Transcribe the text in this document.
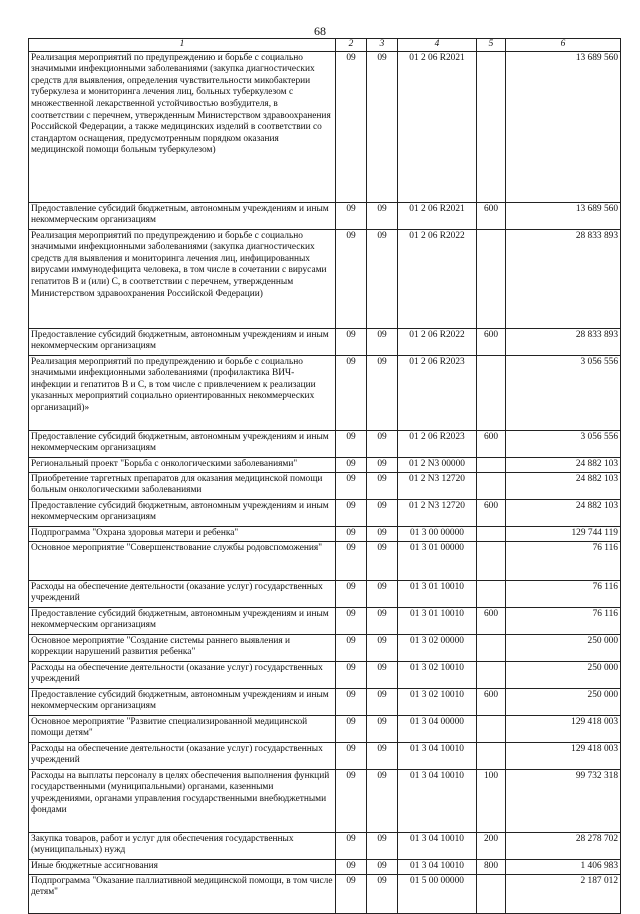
68
1	2	3	4	5	6
Реализация мероприятий по предупреждению и борьбе с социально значимыми инфекционными заболеваниями (закупка диагностических средств для выявления, определения чувствительности микобактерии туберкулеза и мониторинга лечения лиц, больных туберкулезом с множественной лекарственной устойчивостью возбудителя, в соответствии с перечнем, утвержденным Министерством здравоохранения Российской Федерации, а также медицинских изделий в соответствии со стандартом оснащения, предусмотренным порядком оказания медицинской помощи больным туберкулезом)	09	09	01 2 06 R2021		13 689 560
Предоставление субсидий бюджетным, автономным учреждениям и иным некоммерческим организациям	09	09	01 2 06 R2021	600	13 689 560
Реализация мероприятий по предупреждению и борьбе с социально значимыми инфекционными заболеваниями (закупка диагностических средств для выявления и мониторинга лечения лиц, инфицированных вирусами иммунодефицита человека, в том числе в сочетании с вирусами гепатитов В и (или) С, в соответствии с перечнем, утвержденным Министерством здравоохранения Российской Федерации)	09	09	01 2 06 R2022		28 833 893
Предоставление субсидий бюджетным, автономным учреждениям и иным некоммерческим организациям	09	09	01 2 06 R2022	600	28 833 893
Реализация мероприятий по предупреждению и борьбе с социально значимыми инфекционными заболеваниями (профилактика ВИЧ-инфекции и гепатитов В и С, в том числе с привлечением к реализации указанных мероприятий социально ориентированных некоммерческих организаций)»	09	09	01 2 06 R2023		3 056 556
Предоставление субсидий бюджетным, автономным учреждениям и иным некоммерческим организациям	09	09	01 2 06 R2023	600	3 056 556
Региональный проект "Борьба с онкологическими заболеваниями"	09	09	01 2 N3 00000		24 882 103
Приобретение таргетных препаратов для оказания медицинской помощи больным онкологическими заболеваниями	09	09	01 2 N3 12720		24 882 103
Предоставление субсидий бюджетным, автономным учреждениям и иным некоммерческим организациям	09	09	01 2 N3 12720	600	24 882 103
Подпрограмма "Охрана здоровья матери и ребенка"	09	09	01 3 00 00000		129 744 119
Основное мероприятие "Совершенствование службы родовспоможения"	09	09	01 3 01 00000		76 116
Расходы на обеспечение деятельности (оказание услуг) государственных учреждений	09	09	01 3 01 10010		76 116
Предоставление субсидий бюджетным, автономным учреждениям и иным некоммерческим организациям	09	09	01 3 01 10010	600	76 116
Основное мероприятие "Создание системы раннего выявления и коррекции нарушений развития ребенка"	09	09	01 3 02 00000		250 000
Расходы на обеспечение деятельности (оказание услуг) государственных учреждений	09	09	01 3 02 10010		250 000
Предоставление субсидий бюджетным, автономным учреждениям и иным некоммерческим организациям	09	09	01 3 02 10010	600	250 000
Основное мероприятие "Развитие специализированной медицинской помощи детям"	09	09	01 3 04 00000		129 418 003
Расходы на обеспечение деятельности (оказание услуг) государственных учреждений	09	09	01 3 04 10010		129 418 003
Расходы на выплаты персоналу в целях обеспечения выполнения функций государственными (муниципальными) органами, казенными учреждениями, органами управления государственными внебюджетными фондами	09	09	01 3 04 10010	100	99 732 318
Закупка товаров, работ и услуг для обеспечения государственных (муниципальных) нужд	09	09	01 3 04 10010	200	28 278 702
Иные бюджетные ассигнования	09	09	01 3 04 10010	800	1 406 983
Подпрограмма "Оказание паллиативной медицинской помощи, в том числе детям"	09	09	01 5 00 00000		2 187 012
